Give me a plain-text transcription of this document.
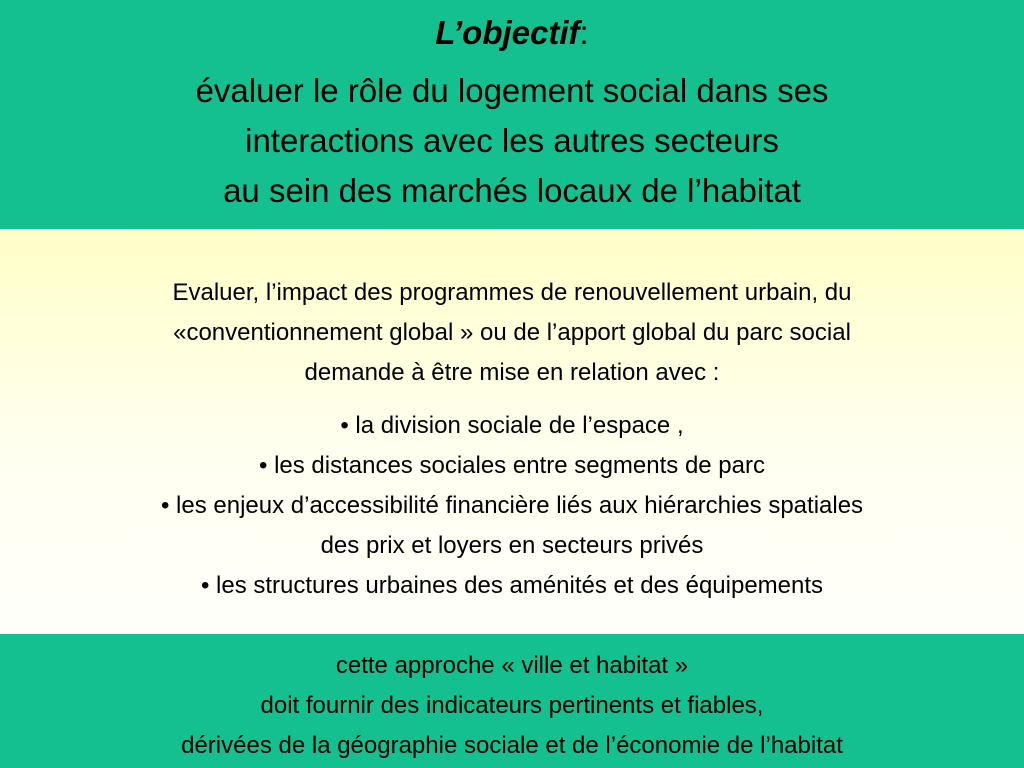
L’objectif:
évaluer le rôle du logement social dans ses
interactions avec les autres secteurs
au sein des marchés locaux de l’habitat
Evaluer, l’impact des programmes de renouvellement urbain, du
«conventionnement global » ou de l’apport global du parc social
demande à être mise en relation avec :
• la division sociale de l’espace ,
• les distances sociales entre segments de parc
• les enjeux d’accessibilité financière liés aux hiérarchies spatiales
des prix et loyers en secteurs privés
• les structures urbaines des aménités et des équipements
cette approche « ville et habitat »
doit fournir des indicateurs pertinents et fiables,
dérivées de la géographie sociale et de l’économie de l’habitat
